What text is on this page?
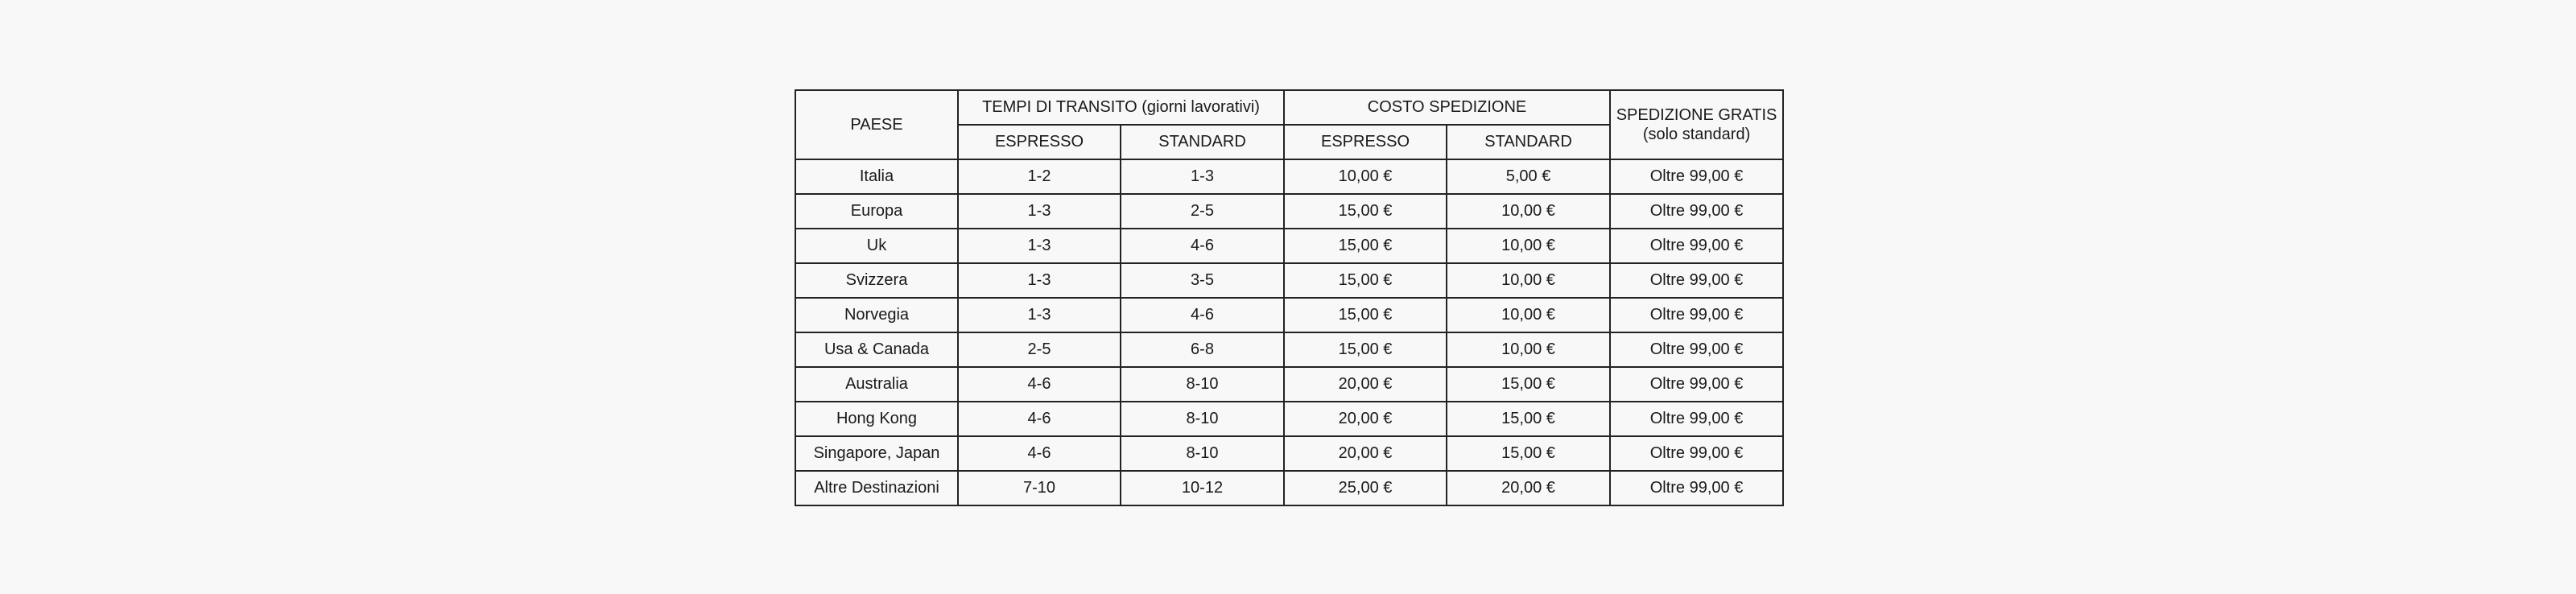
PAESE	TEMPI DI TRANSITO (giorni lavorativi)		COSTO SPEDIZIONE		SPEDIZIONE GRATIS
(solo standard)

	ESPRESSO	STANDARD	ESPRESSO	STANDARD	
Italia	1-2	1-3	10,00 €	5,00 €	Oltre 99,00 €
Europa	1-3	2-5	15,00 €	10,00 €	Oltre 99,00 €
Uk	1-3	4-6	15,00 €	10,00 €	Oltre 99,00 €
Svizzera	1-3	3-5	15,00 €	10,00 €	Oltre 99,00 €
Norvegia	1-3	4-6	15,00 €	10,00 €	Oltre 99,00 €
Usa & Canada	2-5	6-8	15,00 €	10,00 €	Oltre 99,00 €
Australia	4-6	8-10	20,00 €	15,00 €	Oltre 99,00 €
Hong Kong	4-6	8-10	20,00 €	15,00 €	Oltre 99,00 €
Singapore, Japan	4-6	8-10	20,00 €	15,00 €	Oltre 99,00 €
Altre Destinazioni	7-10	10-12	25,00 €	20,00 €	Oltre 99,00 €
